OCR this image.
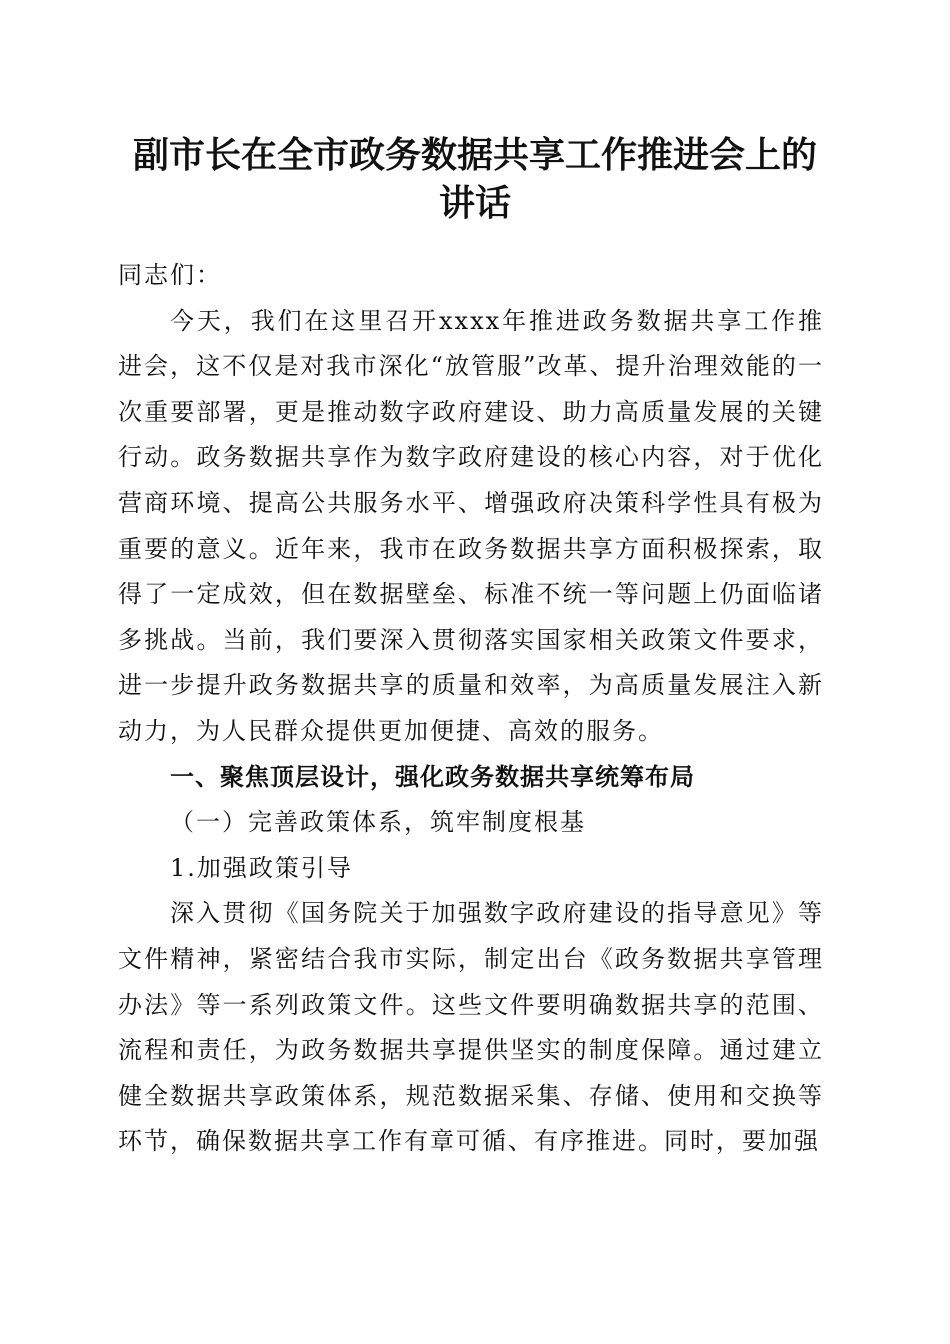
副市长在全市政务数据共享工作推进会上的讲话

同志们：

今天，我们在这里召开xxxx年推进政务数据共享工作推进会，这不仅是对我市深化“放管服”改革、提升治理效能的一次重要部署，更是推动数字政府建设、助力高质量发展的关键行动。政务数据共享作为数字政府建设的核心内容，对于优化营商环境、提高公共服务水平、增强政府决策科学性具有极为重要的意义。近年来，我市在政务数据共享方面积极探索，取得了一定成效，但在数据壁垒、标准不统一等问题上仍面临诸多挑战。当前，我们要深入贯彻落实国家相关政策文件要求，进一步提升政务数据共享的质量和效率，为高质量发展注入新动力，为人民群众提供更加便捷、高效的服务。

一、聚焦顶层设计，强化政务数据共享统筹布局

（一）完善政策体系，筑牢制度根基

1.加强政策引导

深入贯彻《国务院关于加强数字政府建设的指导意见》等文件精神，紧密结合我市实际，制定出台《政务数据共享管理办法》等一系列政策文件。这些文件要明确数据共享的范围、流程和责任，为政务数据共享提供坚实的制度保障。通过建立健全数据共享政策体系，规范数据采集、存储、使用和交换等环节，确保数据共享工作有章可循、有序推进。同时，要加强
